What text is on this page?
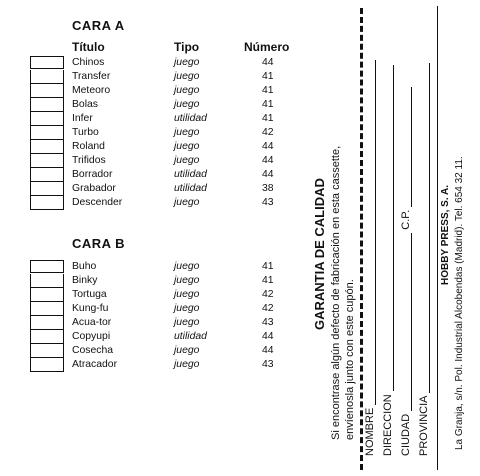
CARA A
Título	Tipo	Número
Chinos	juego	44
Transfer	juego	41
Meteoro	juego	41
Bolas	juego	41
Infer	utilidad	41
Turbo	juego	42
Roland	juego	44
Trifidos	juego	44
Borrador	utilidad	44
Grabador	utilidad	38
Descender	juego	43
CARA B
Buho	juego	41
Binky	juego	41
Tortuga	juego	42
Kung-fu	juego	42
Acua-tor	juego	43
Copyupi	utilidad	44
Cosecha	juego	44
Atracador	juego	43
GARANTIA DE CALIDAD Si encontrase algún defecto de fabricación en esta cassette, envíenosla junto con este cupón. NOMBRE DIRECCION CIUDAD  C.P.
PROVINCIA
HOBBY PRESS, S. A. La Granja, s/n. Pol. Industrial Alcobendas (Madrid). Tel. 654 32 11.
